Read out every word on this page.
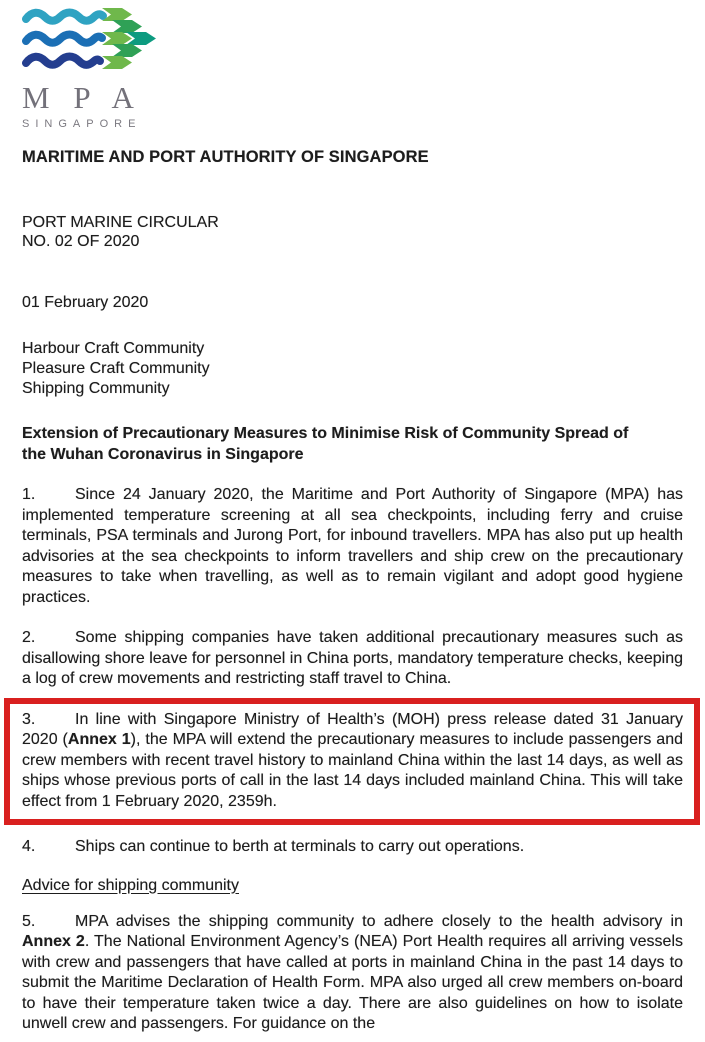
M P A
SINGAPORE
MARITIME AND PORT AUTHORITY OF SINGAPORE
PORT MARINE CIRCULAR
NO. 02 OF 2020
01 February 2020
Harbour Craft Community
Pleasure Craft Community
Shipping Community
Extension of Precautionary Measures to Minimise Risk of Community Spread of
the Wuhan Coronavirus in Singapore

1. Since 24 January 2020, the Maritime and Port Authority of Singapore (MPA) has implemented temperature screening at all sea checkpoints, including ferry and cruise terminals, PSA terminals and Jurong Port, for inbound travellers. MPA has also put up health advisories at the sea checkpoints to inform travellers and ship crew on the precautionary measures to take when travelling, as well as to remain vigilant and adopt good hygiene practices.

2. Some shipping companies have taken additional precautionary measures such as disallowing shore leave for personnel in China ports, mandatory temperature checks, keeping a log of crew movements and restricting staff travel to China.

3. In line with Singapore Ministry of Health’s (MOH) press release dated 31 January 2020 (Annex 1), the MPA will extend the precautionary measures to include passengers and crew members with recent travel history to mainland China within the last 14 days, as well as ships whose previous ports of call in the last 14 days included mainland China. This will take effect from 1 February 2020, 2359h.

4. Ships can continue to berth at terminals to carry out operations.

Advice for shipping community

5. MPA advises the shipping community to adhere closely to the health advisory in Annex 2. The National Environment Agency’s (NEA) Port Health requires all arriving vessels with crew and passengers that have called at ports in mainland China in the past 14 days to submit the Maritime Declaration of Health Form. MPA also urged all crew members on-board to have their temperature taken twice a day. There are also guidelines on how to isolate unwell crew and passengers. For guidance on the
